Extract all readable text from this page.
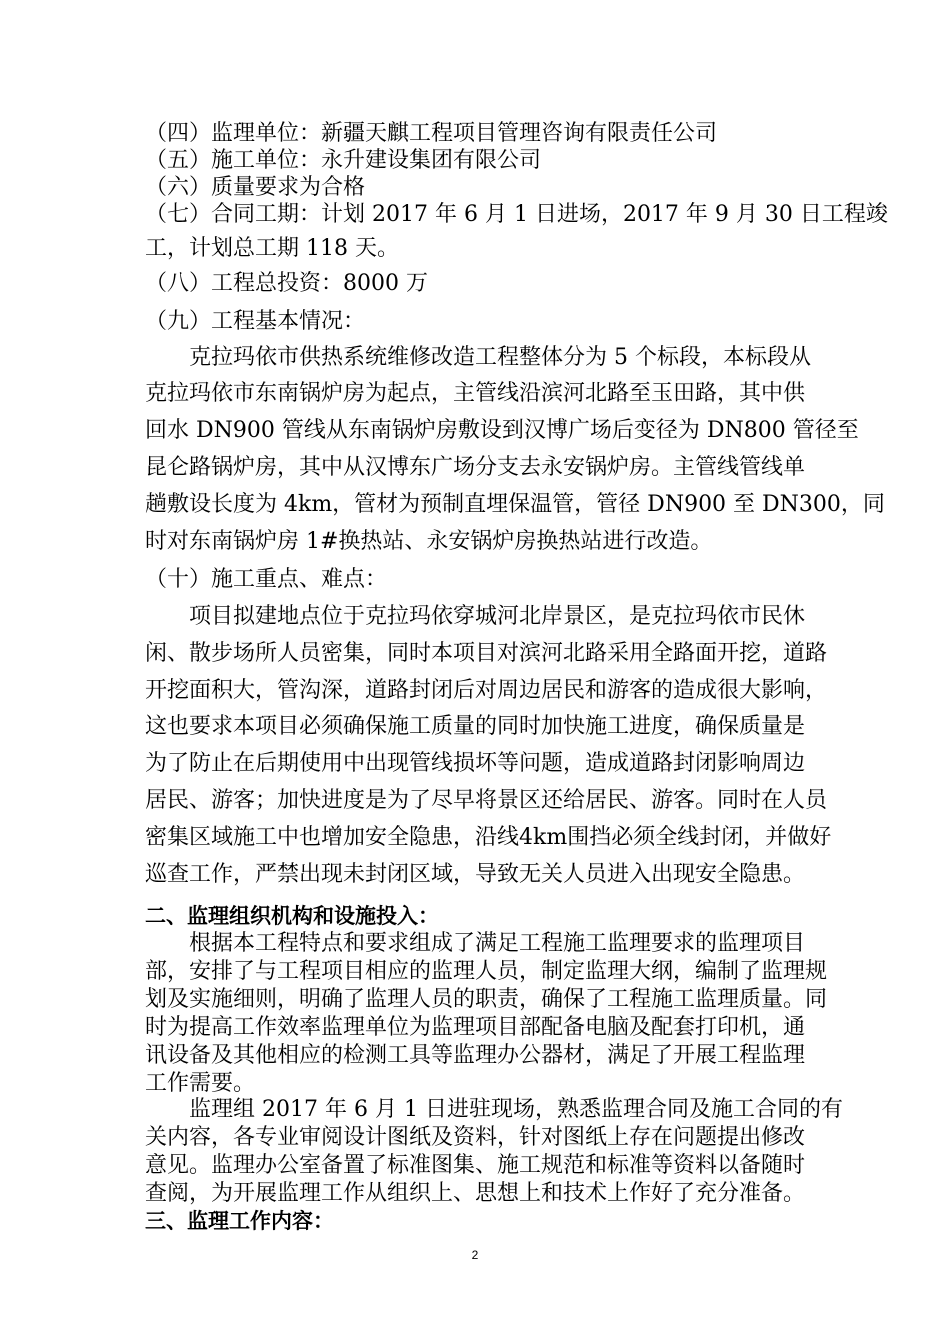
（四）监理单位：新疆天麒工程项目管理咨询有限责任公司
（五）施工单位：永升建设集团有限公司
（六）质量要求为合格
（七）合同工期：计划 2017 年 6 月 1 日进场，2017 年 9 月 30 日工程竣
工，计划总工期 118 天。
（八）工程总投资：8000 万
（九）工程基本情况：
克拉玛依市供热系统维修改造工程整体分为 5 个标段，本标段从
克拉玛依市东南锅炉房为起点，主管线沿滨河北路至玉田路，其中供
回水 DN900 管线从东南锅炉房敷设到汉博广场后变径为 DN800 管径至
昆仑路锅炉房，其中从汉博东广场分支去永安锅炉房。主管线管线单
趟敷设长度为 4km，管材为预制直埋保温管，管径 DN900 至 DN300，同
时对东南锅炉房 1#换热站、永安锅炉房换热站进行改造。
（十）施工重点、难点：
项目拟建地点位于克拉玛依穿城河北岸景区，是克拉玛依市民休
闲、散步场所人员密集，同时本项目对滨河北路采用全路面开挖，道路
开挖面积大，管沟深，道路封闭后对周边居民和游客的造成很大影响，
这也要求本项目必须确保施工质量的同时加快施工进度，确保质量是
为了防止在后期使用中出现管线损坏等问题，造成道路封闭影响周边
居民、游客；加快进度是为了尽早将景区还给居民、游客。同时在人员
密集区域施工中也增加安全隐患，沿线4km围挡必须全线封闭，并做好
巡查工作，严禁出现未封闭区域，导致无关人员进入出现安全隐患。
二、监理组织机构和设施投入：
根据本工程特点和要求组成了满足工程施工监理要求的监理项目
部，安排了与工程项目相应的监理人员，制定监理大纲，编制了监理规
划及实施细则，明确了监理人员的职责，确保了工程施工监理质量。同
时为提高工作效率监理单位为监理项目部配备电脑及配套打印机，通
讯设备及其他相应的检测工具等监理办公器材，满足了开展工程监理
工作需要。
监理组 2017 年 6 月 1 日进驻现场，熟悉监理合同及施工合同的有
关内容，各专业审阅设计图纸及资料，针对图纸上存在问题提出修改
意见。监理办公室备置了标准图集、施工规范和标准等资料以备随时
查阅，为开展监理工作从组织上、思想上和技术上作好了充分准备。
三、监理工作内容：
2
